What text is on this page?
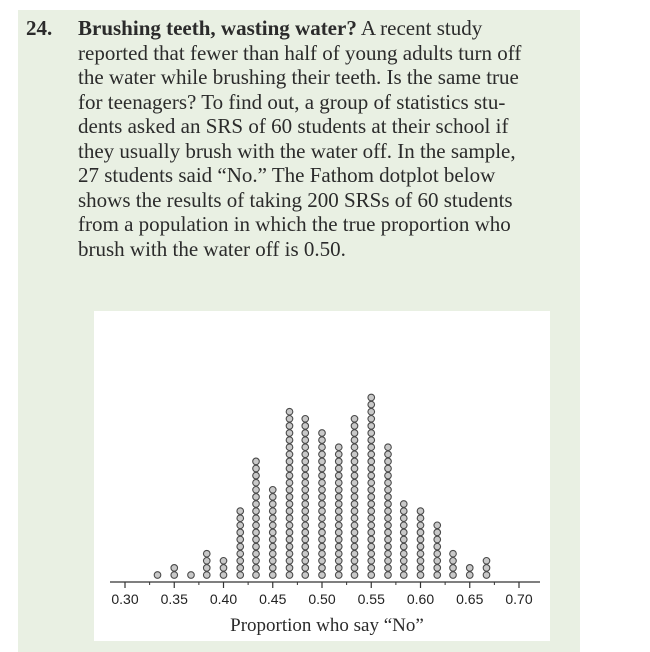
24. Brushing teeth, wasting water? A recent study
reported that fewer than half of young adults turn off
the water while brushing their teeth. Is the same true
for teenagers? To find out, a group of statistics stu-
dents asked an SRS of 60 students at their school if
they usually brush with the water off. In the sample,
27 students said “No.” The Fathom dotplot below
shows the results of taking 200 SRSs of 60 students
from a population in which the true proportion who
brush with the water off is 0.50.
0.30 0.35 0.40 0.45 0.50 0.55 0.60 0.65 0.70
Proportion who say “No”
